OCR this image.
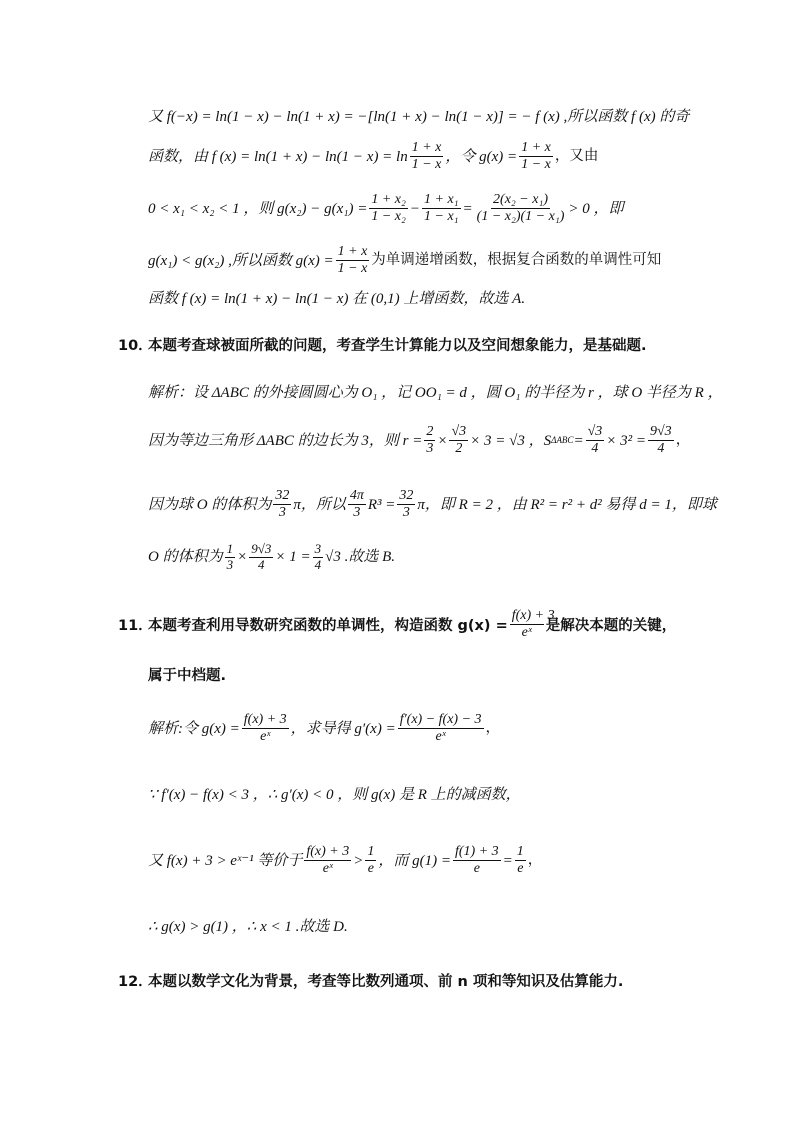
又 f(−x) = ln(1 − x) − ln(1 + x) = −[ln(1 + x) − ln(1 − x)] = − f (x) ,所以函数 f (x) 的奇
函数，由 f $(x) = \ln(1 + x) - \ln(1 - x) = \ln \frac{1 + x}{1 - x}$ ，令 $g(x) = \frac{1 + x}{1 - x}$ ，又由
0 < x₁ < x₂ < 1 ，则 $g(x_2) - g(x_1) = \frac{\text{1 + x₂}}{\text{1 − x₂}} - \frac{\text{1 + x₁}}{\text{1 − x₁}} = \frac{\text{2(x₂ − x₁)}}{\text{(1 − x₂)(1 − x₁)}} > 0$ ，即
g(x₁) < g(x₂) ,所以函数 $g(x) = \frac{1 + x}{1 - x}$ 为单调递增函数，根据复合函数的单调性可知
函数 f (x) = ln(1 + x) − ln(1 − x) 在 (0,1) 上增函数，故选 A.
10．本题考查球被面所截的问题，考查学生计算能力以及空间想象能力，是基础题.
解析：设 ΔABC 的外接圆圆心为 O₁ ，记 OO₁ = d ，圆 O₁ 的半径为 r ，球 O 半径为 R ，
因为等边三角形 ΔABC 的边长为 3，则 $r = \frac{2}{3} \times \frac{√3}{2} \times 3 = √3$ ，S $\Delta ABC = \frac{√3}{4} \times 3^2 = \frac{9√3}{4}$ ，
因为球 O 的体积为 $\frac{32}{3}$ π，所以 $\frac{4\pi}{3} R^3 = \frac{32}{3}$ π，即 R = 2 ，由 R² = r² + d² 易得 d = 1，即球
O 的体积为 $\frac{1}{3} \times \frac{9√3}{4} \times 1 = \frac{3}{4} √3$ .故选 B.
11．
本题考查利用导数研究函数的单调性，构造函数 $g(x) = \frac{f(x) + 3}{\text{eˣ}}$ 是解决本题的关键，
属于中档题.
解析:令 $g(x) = \frac{f(x) + 3}{\text{eˣ}}$ ，求导得 $g'(x) = \frac{f'(x) - f(x) - 3}{\text{eˣ}}$ ，
∵ f′(x) − f(x) < 3 ，∴ g′(x) < 0 ，则 g(x) 是 R 上的减函数，
又 f(x) + 3 > eˣ⁻¹ 等价于 $\frac{f(x) + 3}{\text{eˣ}} > \frac{1}{e}$ ，而 $g(1) = \frac{f(1) + 3}{e} = \frac{1}{e}$ ，
∴ g(x) > g(1) ，∴ x < 1 .故选 D.
12．本题以数学文化为背景，考查等比数列通项、前 n 项和等知识及估算能力.
